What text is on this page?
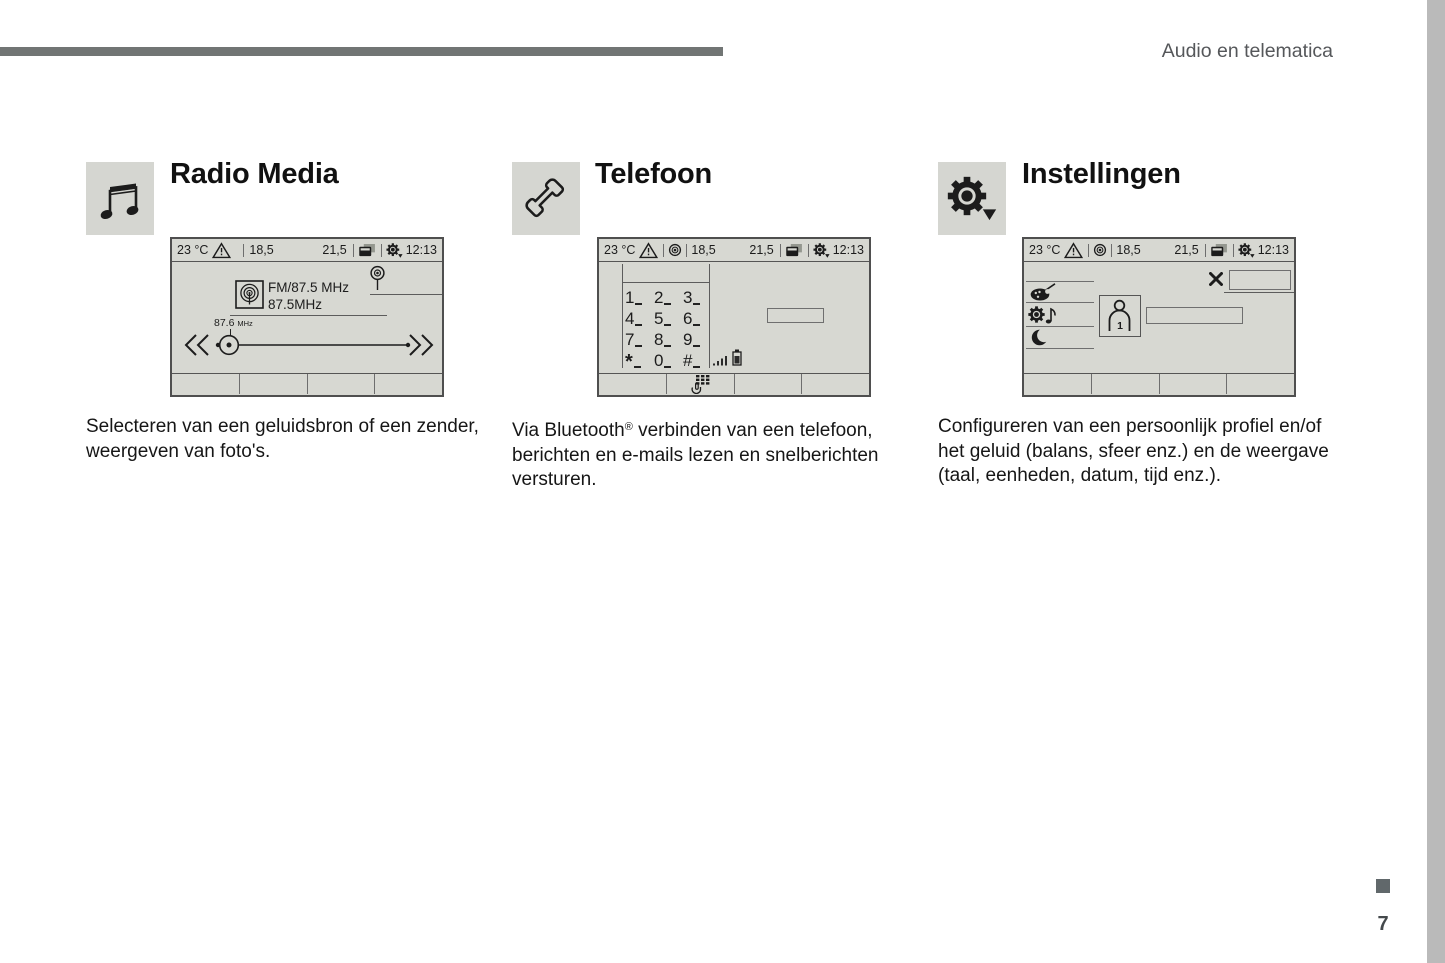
Audio en telematica
Radio Media
23 °C	18,5	21,5	12:13
FM/87.5 MHz
87.5MHz
87.6 MHz
Selecteren van een geluidsbron of een zender, weergeven van foto's.
Telefoon
23 °C	18,5	21,5	12:13
1 2 3
4 5 6
7 8 9
* 0 #
Via Bluetooth® verbinden van een telefoon, berichten en e-mails lezen en snelberichten versturen.
Instellingen
23 °C	18,5	21,5	12:13
1
Configureren van een persoonlijk profiel en/of het geluid (balans, sfeer enz.) en de weergave (taal, eenheden, datum, tijd enz.).
7
